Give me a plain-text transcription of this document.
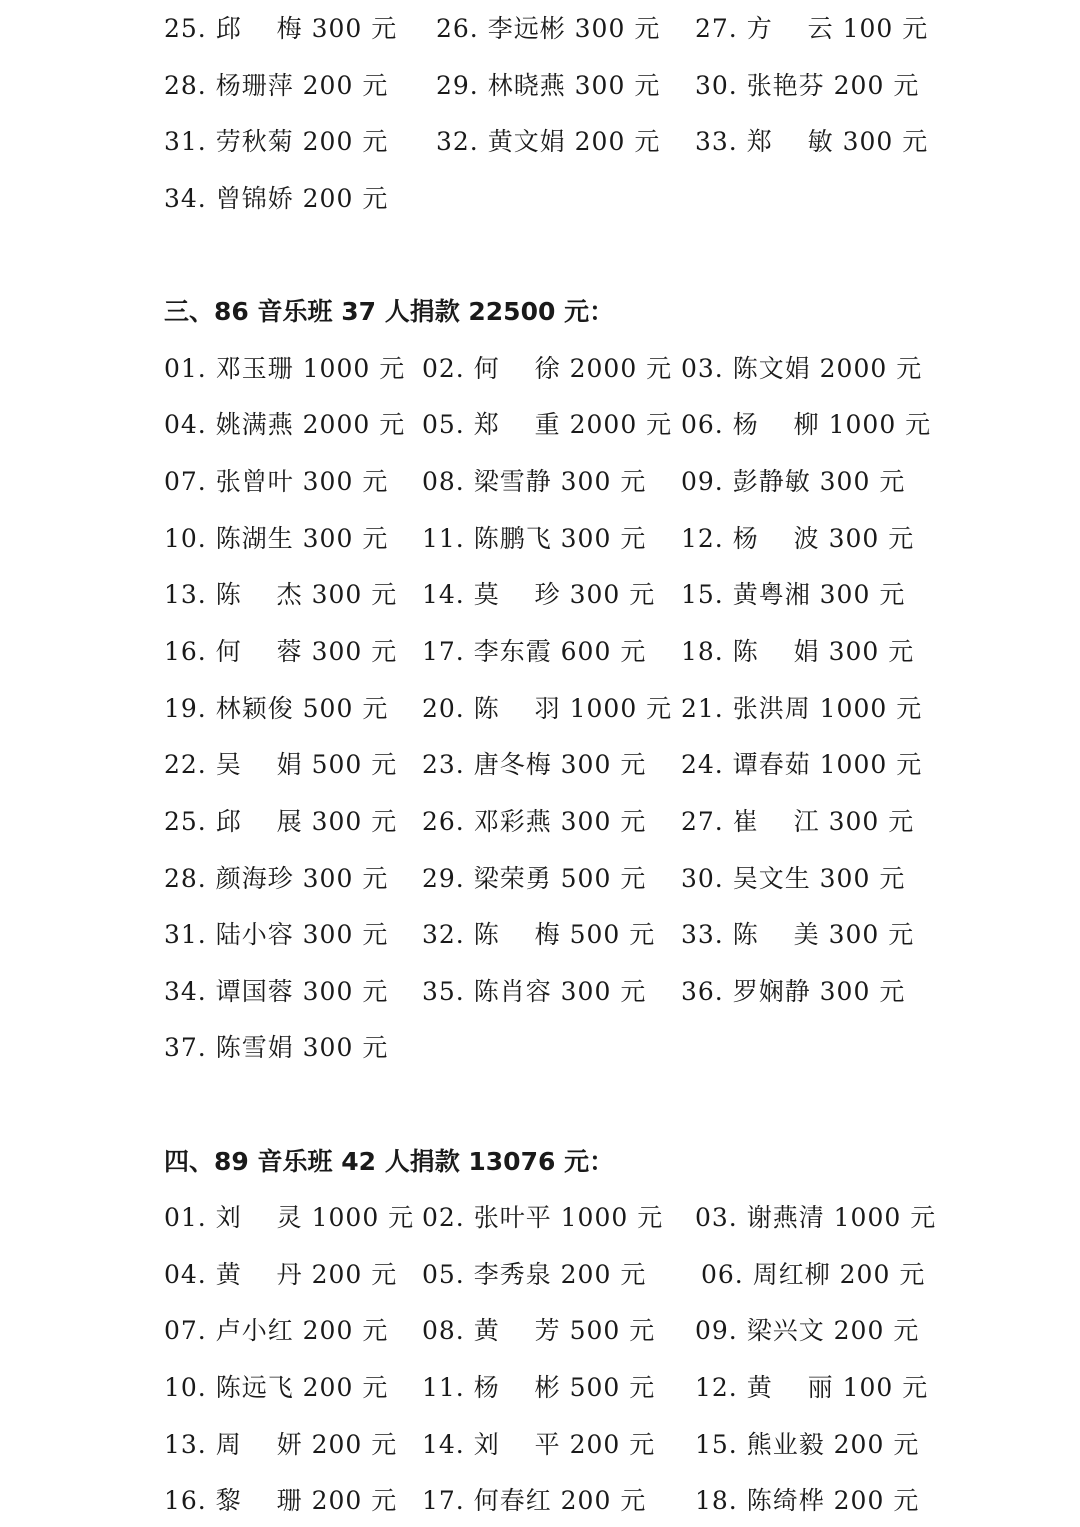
25. 邱　 梅 300 元 26. 李远彬 300 元 27. 方　 云 100 元
28. 杨珊萍 200 元 29. 林晓燕 300 元 30. 张艳芬 200 元
31. 劳秋菊 200 元 32. 黄文娟 200 元 33. 郑　 敏 300 元
34. 曾锦娇 200 元
三、86 音乐班 37 人捐款 22500 元：
01. 邓玉珊 1000 元 02. 何　 徐 2000 元 03. 陈文娟 2000 元
04. 姚满燕 2000 元 05. 郑　 重 2000 元 06. 杨　 柳 1000 元
07. 张曾叶 300 元 08. 梁雪静 300 元 09. 彭静敏 300 元
10. 陈湖生 300 元 11. 陈鹏飞 300 元 12. 杨　 波 300 元
13. 陈　 杰 300 元 14. 莫　 珍 300 元 15. 黄粤湘 300 元
16. 何　 蓉 300 元 17. 李东霞 600 元 18. 陈　 娟 300 元
19. 林颖俊 500 元 20. 陈　 羽 1000 元 21. 张洪周 1000 元
22. 吴　 娟 500 元 23. 唐冬梅 300 元 24. 谭春茹 1000 元
25. 邱　 展 300 元 26. 邓彩燕 300 元 27. 崔　 江 300 元
28. 颜海珍 300 元 29. 梁荣勇 500 元 30. 吴文生 300 元
31. 陆小容 300 元 32. 陈　 梅 500 元 33. 陈　 美 300 元
34. 谭国蓉 300 元 35. 陈肖容 300 元 36. 罗娴静 300 元
37. 陈雪娟 300 元
四、89 音乐班 42 人捐款 13076 元：
01. 刘　 灵 1000 元 02. 张叶平 1000 元 03. 谢燕清 1000 元
04. 黄　 丹 200 元 05. 李秀泉 200 元 06. 周红柳 200 元
07. 卢小红 200 元 08. 黄　 芳 500 元 09. 梁兴文 200 元
10. 陈远飞 200 元 11. 杨　 彬 500 元 12. 黄　 丽 100 元
13. 周　 妍 200 元 14. 刘　 平 200 元 15. 熊业毅 200 元
16. 黎　 珊 200 元 17. 何春红 200 元 18. 陈绮桦 200 元
